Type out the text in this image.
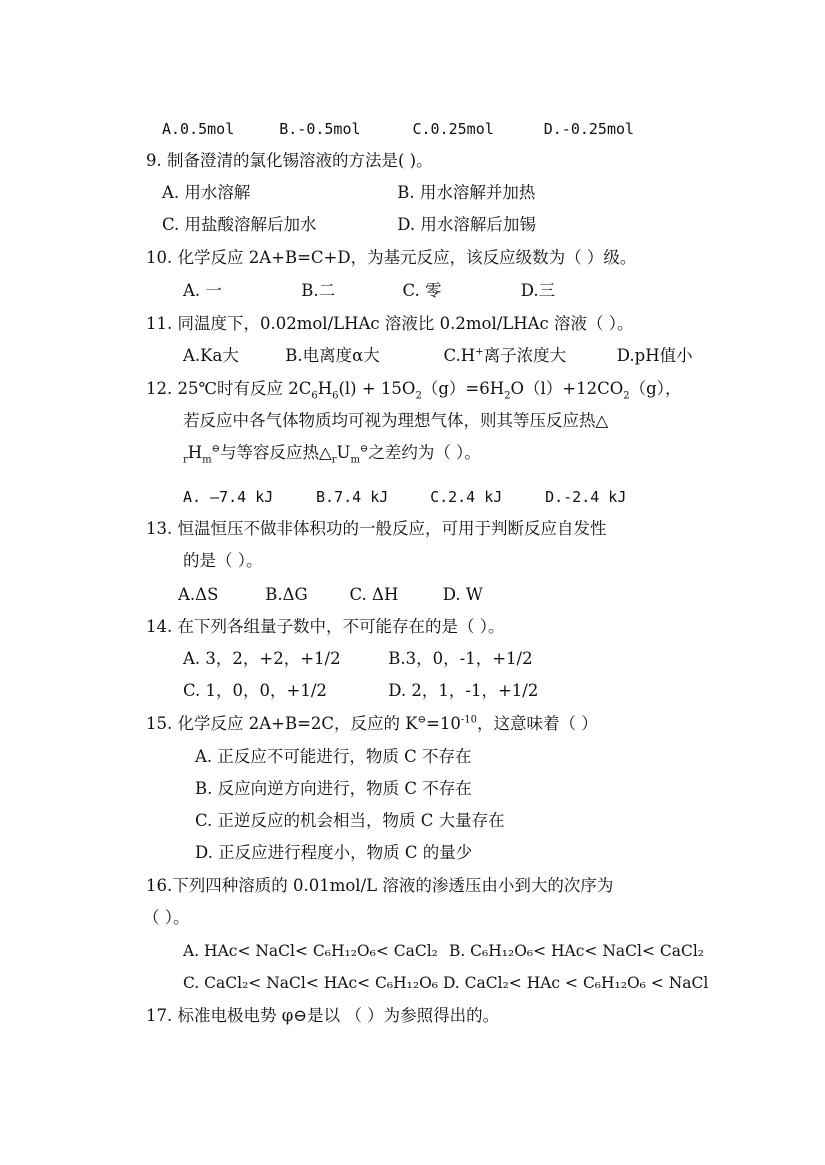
A.0.5mol	B.-0.5mol	C.0.25mol	D.-0.25mol
9. 制备澄清的氯化锡溶液的方法是( )。
A. 用水溶解	B. 用水溶解并加热
C. 用盐酸溶解后加水	D. 用水溶解后加锡
10. 化学反应 2A+B=C+D，为基元反应，该反应级数为（ ）级。
A. 一	B.二	C. 零	D.三
11. 同温度下，0.02mol/LHAc 溶液比 0.2mol/LHAc 溶液（ ）。
A.Ka大	B.电离度α大	C.H+离子浓度大	D.pH值小
12. 25℃时有反应 $2C_6H_6(l) + 15O_2(g)=6H_2O(l)+12CO_2(g)$，
若反应中各气体物质均可视为理想气体，则其等压反应热△
$_rH_m^⊖$与等容反应热$\triangle_rU_m^⊖$之差约为（ ）。
A. –7.4 kJ	B.7.4 kJ	C.2.4 kJ	D.-2.4 kJ
13. 恒温恒压不做非体积功的一般反应，可用于判断反应自发性
的是（ ）。
A.ΔS	B.ΔG	C. ΔH	D. W
14. 在下列各组量子数中，不可能存在的是（ ）。
A. 3，2，+2，+1/2	B.3，0，-1，+1/2
C. 1，0，0，+1/2	D. 2，1，-1，+1/2
15. 化学反应 2A+B=2C，反应的 $K^⊖=10^{-10}$，这意味着（ ）
A. 正反应不可能进行，物质 C 不存在
B. 反应向逆方向进行，物质 C 不存在
C. 正逆反应的机会相当，物质 C 大量存在
D. 正反应进行程度小，物质 C 的量少
16.下列四种溶质的 0.01mol/L 溶液的渗透压由小到大的次序为
（ ）。
A. HAc< NaCl< C₆H₁₂O₆< CaCl₂ B. C₆H₁₂O₆< HAc< NaCl< CaCl₂
C. CaCl₂< NaCl< HAc< C₆H₁₂O₆ D. CaCl₂< HAc < C₆H₁₂O₆ < NaCl
17. 标准电极电势 φ⊖是以 （ ）为参照得出的。
